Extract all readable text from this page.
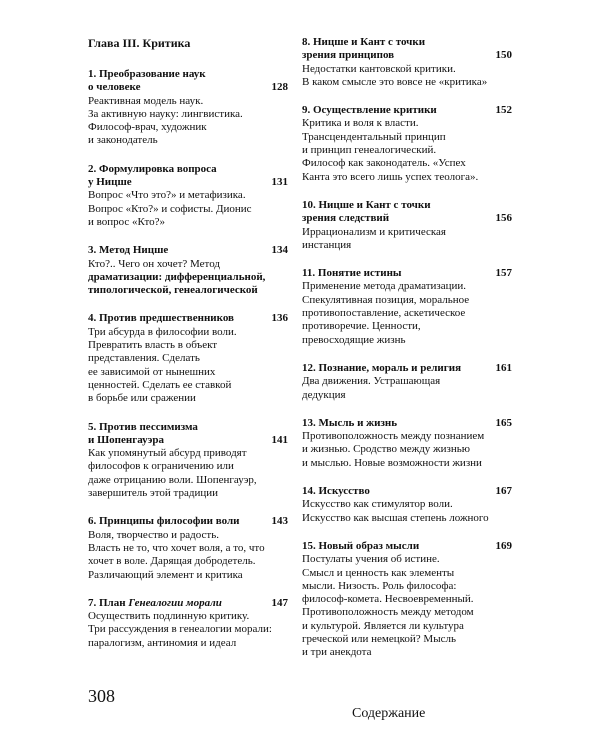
Глава III. Критика
1. Преобразование наук
о человеке	128
Реактивная модель наук.
За активную науку: лингвистика.
Философ-врач, художник
и законодатель
2. Формулировка вопроса
у Ницше	131
Вопрос «Что это?» и метафизика.
Вопрос «Кто?» и софисты. Дионис
и вопрос «Кто?»
3. Метод Ницше	134
Кто?.. Чего он хочет? Метод
драматизации: дифференциальной,
типологической, генеалогической
4. Против предшественников	136
Три абсурда в философии воли.
Превратить власть в объект
представления. Сделать
ее зависимой от нынешних
ценностей. Сделать ее ставкой
в борьбе или сражении
5. Против пессимизма
и Шопенгауэра	141
Как упомянутый абсурд приводят
философов к ограничению или
даже отрицанию воли. Шопенгауэр,
завершитель этой традиции
6. Принципы философии воли	143
Воля, творчество и радость.
Власть не то, что хочет воля, а то, что
хочет в воле. Дарящая добродетель.
Различающий элемент и критика
7. План Генеалогии морали	147
Осуществить подлинную критику.
Три рассуждения в генеалогии морали:
паралогизм, антиномия и идеал
8. Ницше и Кант с точки
зрения принципов	150
Недостатки кантовской критики.
В каком смысле это вовсе не «критика»
9. Осуществление критики	152
Критика и воля к власти.
Трансцендентальный принцип
и принцип генеалогический.
Философ как законодатель. «Успех
Канта это всего лишь успех теолога».
10. Ницше и Кант с точки
зрения следствий	156
Иррационализм и критическая
инстанция
11. Понятие истины	157
Применение метода драматизации.
Спекулятивная позиция, моральное
противопоставление, аскетическое
противоречие. Ценности,
превосходящие жизнь
12. Познание, мораль и религия	161
Два движения. Устрашающая
дедукция
13. Мысль и жизнь	165
Противоположность между познанием
и жизнью. Сродство между жизнью
и мыслью. Новые возможности жизни
14. Искусство	167
Искусство как стимулятор воли.
Искусство как высшая степень ложного
15. Новый образ мысли	169
Постулаты учения об истине.
Смысл и ценность как элементы
мысли. Низость. Роль философа:
философ-комета. Несвоевременный.
Противоположность между методом
и культурой. Является ли культура
греческой или немецкой? Мысль
и три анекдота
308
Содержание
